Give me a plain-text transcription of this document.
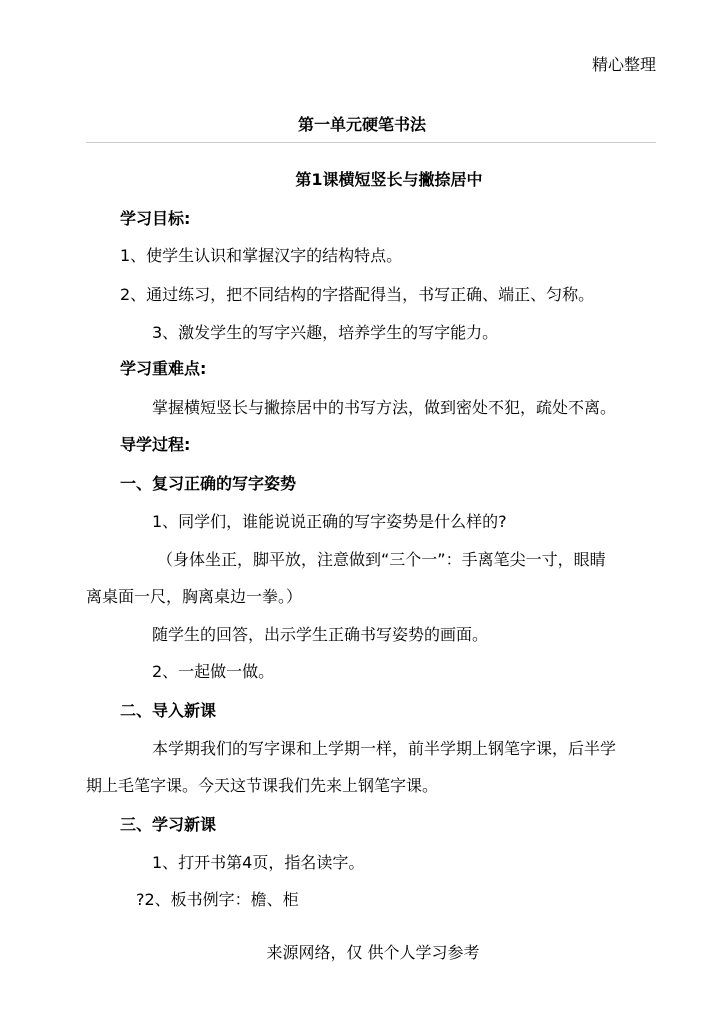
精心整理
第一单元硬笔书法
第1课横短竖长与撇捺居中
学习目标:
1、使学生认识和掌握汉字的结构特点。
2、通过练习，把不同结构的字搭配得当，书写正确、端正、匀称。
3、激发学生的写字兴趣，培养学生的写字能力。
学习重难点:
掌握横短竖长与撇捺居中的书写方法，做到密处不犯，疏处不离。
导学过程:
一、复习正确的写字姿势
1、同学们，谁能说说正确的写字姿势是什么样的?
（身体坐正，脚平放，注意做到“三个一”：手离笔尖一寸，眼睛
离桌面一尺，胸离桌边一拳。）
随学生的回答，出示学生正确书写姿势的画面。
2、一起做一做。
二、导入新课
本学期我们的写字课和上学期一样，前半学期上钢笔字课，后半学
期上毛笔字课。今天这节课我们先来上钢笔字课。
三、学习新课
1、打开书第4页，指名读字。
?2、板书例字：檐、柜
来源网络，仅 供个人学习参考
